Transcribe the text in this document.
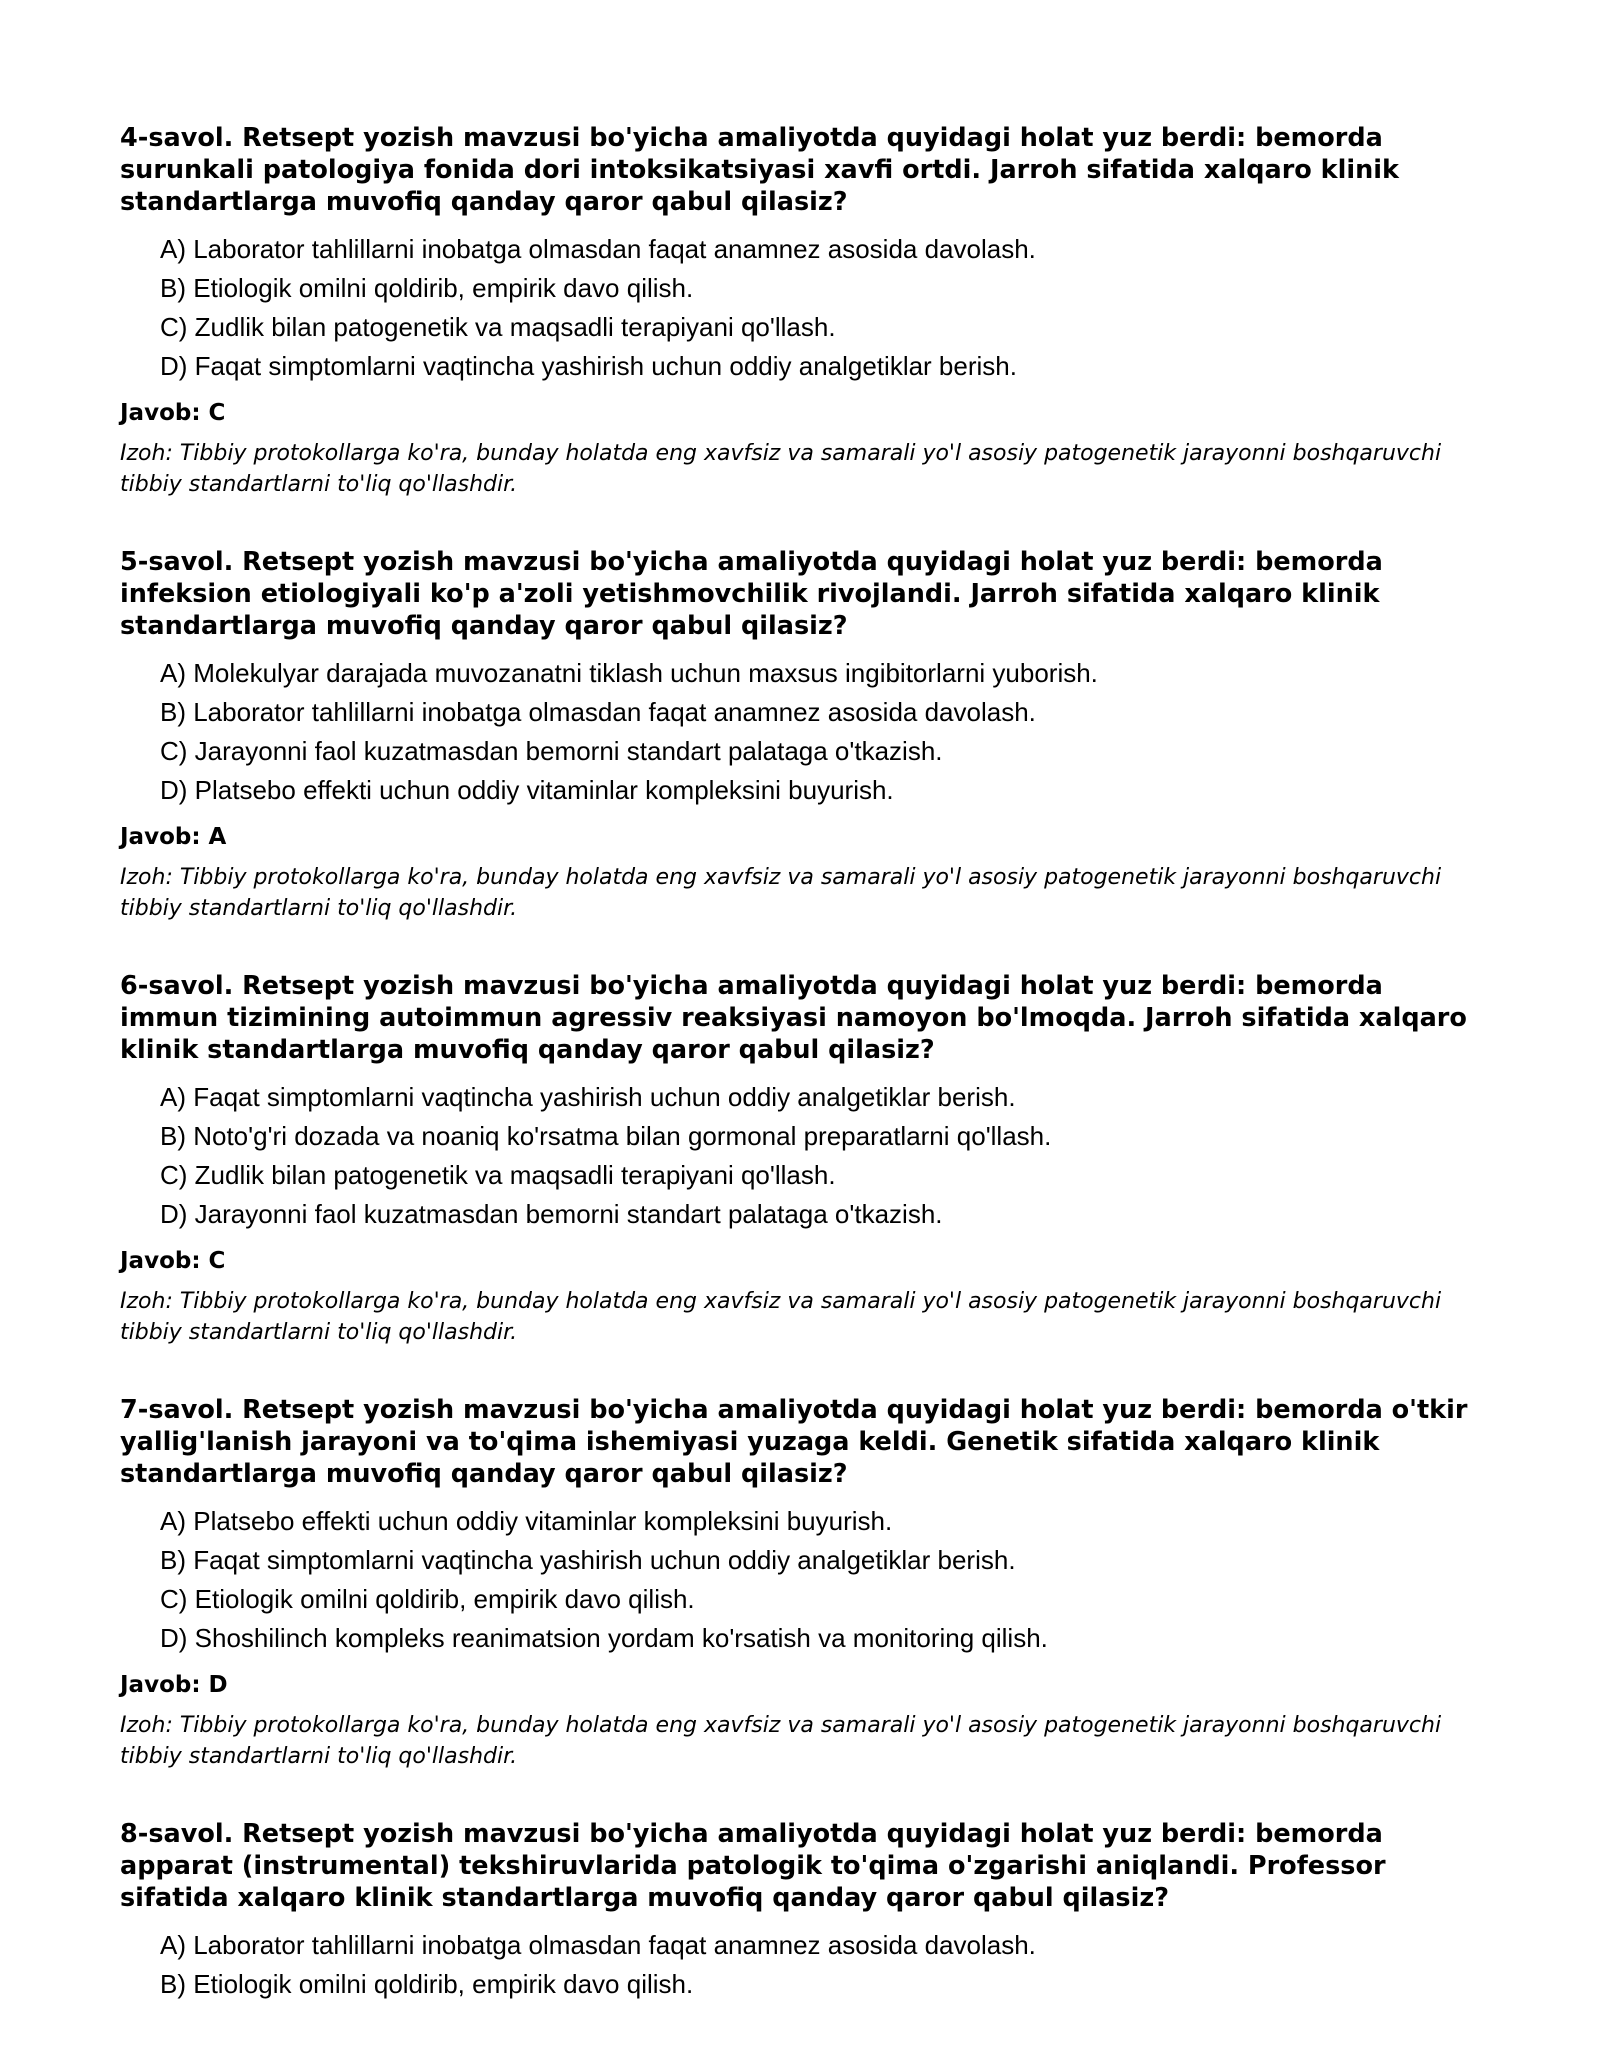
4-savol. Retsept yozish mavzusi bo'yicha amaliyotda quyidagi holat yuz berdi: bemorda surunkali patologiya fonida dori intoksikatsiyasi xavfi ortdi. Jarroh sifatida xalqaro klinik standartlarga muvofiq qanday qaror qabul qilasiz?

A) Laborator tahlillarni inobatga olmasdan faqat anamnez asosida davolash.
B) Etiologik omilni qoldirib, empirik davo qilish.
C) Zudlik bilan patogenetik va maqsadli terapiyani qo'llash.
D) Faqat simptomlarni vaqtincha yashirish uchun oddiy analgetiklar berish.

Javob: C

Izoh: Tibbiy protokollarga ko'ra, bunday holatda eng xavfsiz va samarali yo'l asosiy patogenetik jarayonni boshqaruvchi tibbiy standartlarni to'liq qo'llashdir.

5-savol. Retsept yozish mavzusi bo'yicha amaliyotda quyidagi holat yuz berdi: bemorda infeksion etiologiyali ko'p a'zoli yetishmovchilik rivojlandi. Jarroh sifatida xalqaro klinik standartlarga muvofiq qanday qaror qabul qilasiz?

A) Molekulyar darajada muvozanatni tiklash uchun maxsus ingibitorlarni yuborish.
B) Laborator tahlillarni inobatga olmasdan faqat anamnez asosida davolash.
C) Jarayonni faol kuzatmasdan bemorni standart palataga o'tkazish.
D) Platsebo effekti uchun oddiy vitaminlar kompleksini buyurish.

Javob: A

Izoh: Tibbiy protokollarga ko'ra, bunday holatda eng xavfsiz va samarali yo'l asosiy patogenetik jarayonni boshqaruvchi tibbiy standartlarni to'liq qo'llashdir.

6-savol. Retsept yozish mavzusi bo'yicha amaliyotda quyidagi holat yuz berdi: bemorda immun tizimining autoimmun agressiv reaksiyasi namoyon bo'lmoqda. Jarroh sifatida xalqaro klinik standartlarga muvofiq qanday qaror qabul qilasiz?

A) Faqat simptomlarni vaqtincha yashirish uchun oddiy analgetiklar berish.
B) Noto'g'ri dozada va noaniq ko'rsatma bilan gormonal preparatlarni qo'llash.
C) Zudlik bilan patogenetik va maqsadli terapiyani qo'llash.
D) Jarayonni faol kuzatmasdan bemorni standart palataga o'tkazish.

Javob: C

Izoh: Tibbiy protokollarga ko'ra, bunday holatda eng xavfsiz va samarali yo'l asosiy patogenetik jarayonni boshqaruvchi tibbiy standartlarni to'liq qo'llashdir.

7-savol. Retsept yozish mavzusi bo'yicha amaliyotda quyidagi holat yuz berdi: bemorda o'tkir yallig'lanish jarayoni va to'qima ishemiyasi yuzaga keldi. Genetik sifatida xalqaro klinik standartlarga muvofiq qanday qaror qabul qilasiz?

A) Platsebo effekti uchun oddiy vitaminlar kompleksini buyurish.
B) Faqat simptomlarni vaqtincha yashirish uchun oddiy analgetiklar berish.
C) Etiologik omilni qoldirib, empirik davo qilish.
D) Shoshilinch kompleks reanimatsion yordam ko'rsatish va monitoring qilish.

Javob: D

Izoh: Tibbiy protokollarga ko'ra, bunday holatda eng xavfsiz va samarali yo'l asosiy patogenetik jarayonni boshqaruvchi tibbiy standartlarni to'liq qo'llashdir.

8-savol. Retsept yozish mavzusi bo'yicha amaliyotda quyidagi holat yuz berdi: bemorda apparat (instrumental) tekshiruvlarida patologik to'qima o'zgarishi aniqlandi. Professor sifatida xalqaro klinik standartlarga muvofiq qanday qaror qabul qilasiz?

A) Laborator tahlillarni inobatga olmasdan faqat anamnez asosida davolash.
B) Etiologik omilni qoldirib, empirik davo qilish.
